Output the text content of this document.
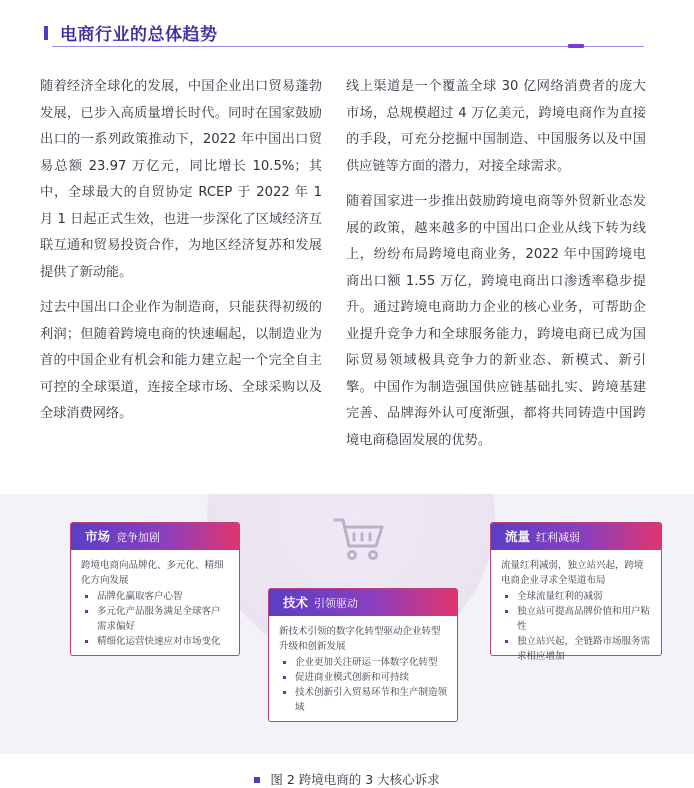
电商行业的总体趋势

随着经济全球化的发展，中国企业出口贸易蓬勃发展，已步入高质量增长时代。同时在国家鼓励出口的一系列政策推动下，2022 年中国出口贸易总额 23.97 万亿元，同比增长 10.5%；其中，全球最大的自贸协定 RCEP 于 2022 年 1 月 1 日起正式生效，也进一步深化了区域经济互联互通和贸易投资合作，为地区经济复苏和发展提供了新动能。

过去中国出口企业作为制造商，只能获得初级的利润；但随着跨境电商的快速崛起，以制造业为首的中国企业有机会和能力建立起一个完全自主可控的全球渠道，连接全球市场、全球采购以及全球消费网络。

线上渠道是一个覆盖全球 30 亿网络消费者的庞大市场，总规模超过 4 万亿美元，跨境电商作为直接的手段，可充分挖掘中国制造、中国服务以及中国供应链等方面的潜力，对接全球需求。

随着国家进一步推出鼓励跨境电商等外贸新业态发展的政策，越来越多的中国出口企业从线下转为线上，纷纷布局跨境电商业务，2022 年中国跨境电商出口额 1.55 万亿，跨境电商出口渗透率稳步提升。通过跨境电商助力企业的核心业务，可帮助企业提升竞争力和全球服务能力，跨境电商已成为国际贸易领域极具竞争力的新业态、新模式、新引擎。中国作为制造强国供应链基础扎实、跨境基建完善、品牌海外认可度渐强，都将共同铸造中国跨境电商稳固发展的优势。

市场 竞争加剧
跨境电商向品牌化、多元化、精细化方向发展
品牌化赢取客户心智
多元化产品服务满足全球客户需求偏好
精细化运营快速应对市场变化
技术 引领驱动
新技术引领的数字化转型驱动企业转型升级和创新发展
企业更加关注研运一体数字化转型
促进商业模式创新和可持续
技术创新引入贸易环节和生产制造领域
流量 红利减弱
流量红利减弱，独立站兴起，跨境电商企业寻求全渠道布局
全球流量红利的减弱
独立站可提高品牌价值和用户粘性
独立站兴起，全链路市场服务需求相应增加
图 2 跨境电商的 3 大核心诉求
